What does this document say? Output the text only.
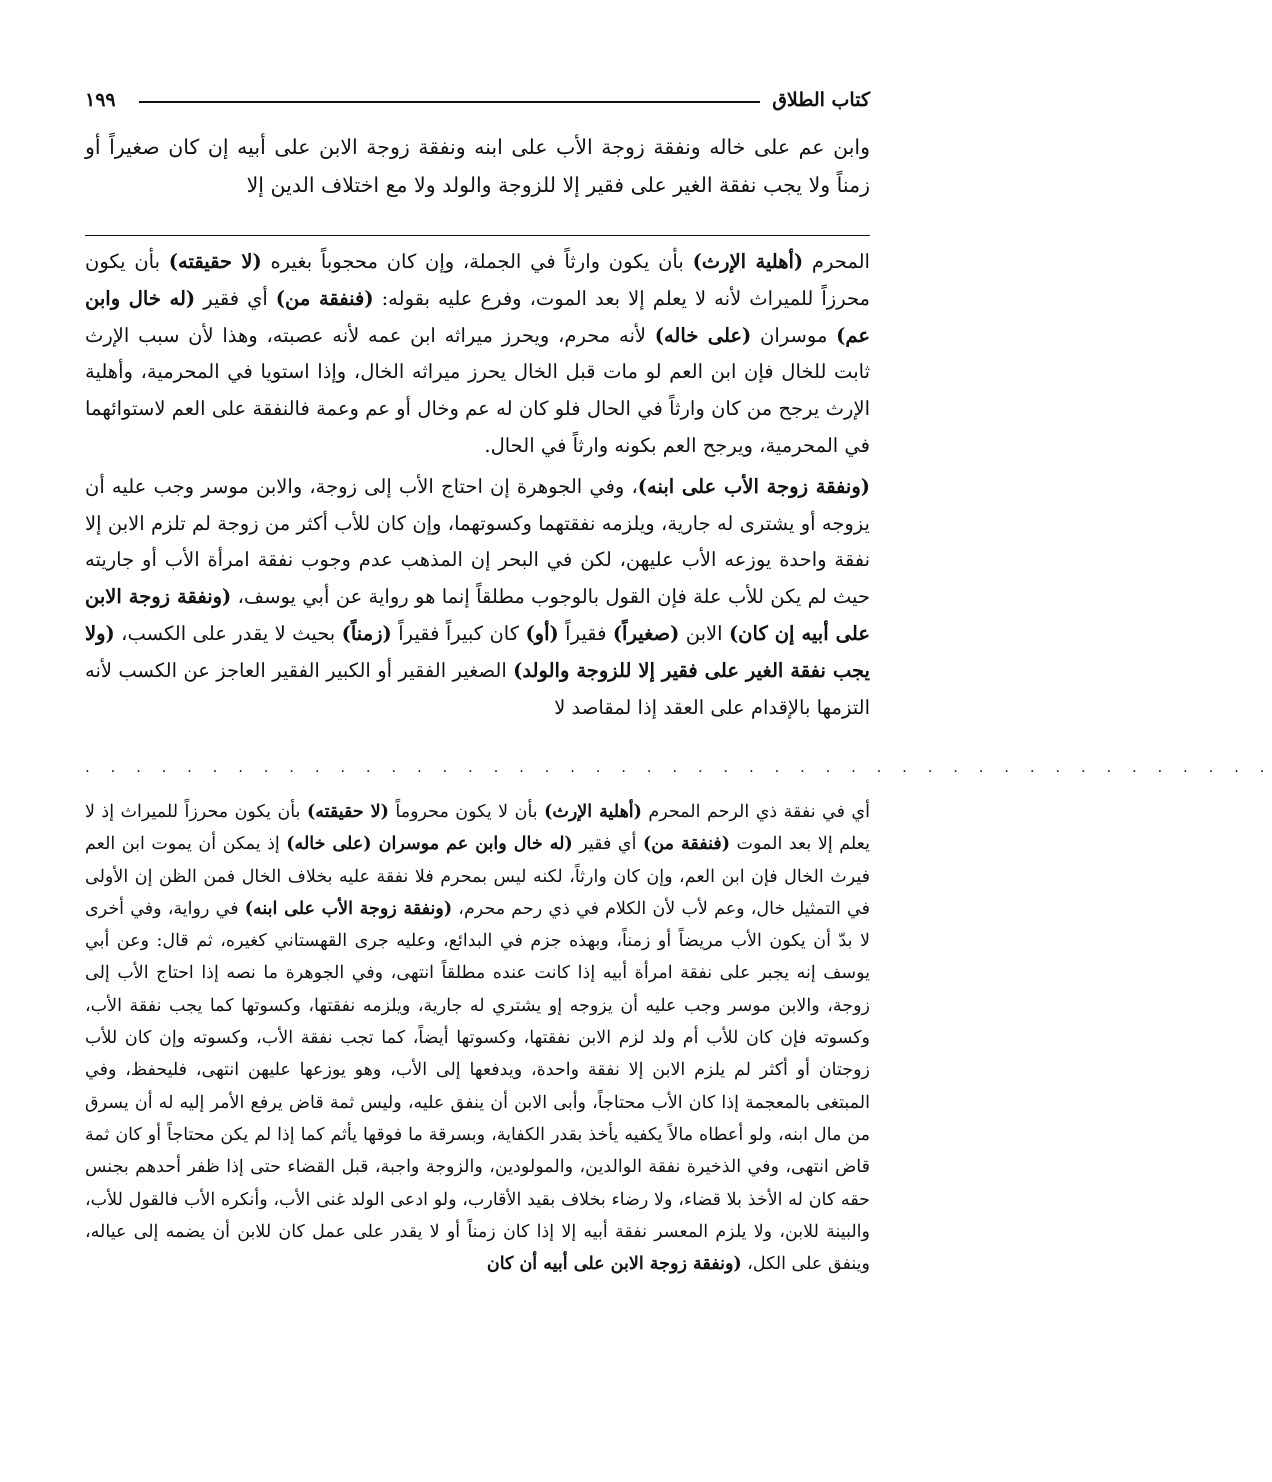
كتاب الطلاق
١٩٩

وابن عم على خاله ونفقة زوجة الأب على ابنه ونفقة زوجة الابن على أبيه إن كان صغيراً أو زمناً ولا يجب نفقة الغير على فقير إلا للزوجة والولد ولا مع اختلاف الدين إلا

المحرم (أهلية الإرث) بأن يكون وارثاً في الجملة، وإن كان محجوباً بغيره (لا حقيقته) بأن يكون محرزاً للميراث لأنه لا يعلم إلا بعد الموت، وفرع عليه بقوله: (فنفقة من) أي فقير (له خال وابن عم) موسران (على خاله) لأنه محرم، ويحرز ميراثه ابن عمه لأنه عصبته، وهذا لأن سبب الإرث ثابت للخال فإن ابن العم لو مات قبل الخال يحرز ميراثه الخال، وإذا استويا في المحرمية، وأهلية الإرث يرجح من كان وارثاً في الحال فلو كان له عم وخال أو عم وعمة فالنفقة على العم لاستوائهما في المحرمية، ويرجح العم بكونه وارثاً في الحال.

(ونفقة زوجة الأب على ابنه)، وفي الجوهرة إن احتاج الأب إلى زوجة، والابن موسر وجب عليه أن يزوجه أو يشترى له جارية، ويلزمه نفقتهما وكسوتهما، وإن كان للأب أكثر من زوجة لم تلزم الابن إلا نفقة واحدة يوزعه الأب عليهن، لكن في البحر إن المذهب عدم وجوب نفقة امرأة الأب أو جاريته حيث لم يكن للأب علة فإن القول بالوجوب مطلقاً إنما هو رواية عن أبي يوسف، (ونفقة زوجة الابن على أبيه إن كان) الابن (صغيراً) فقيراً (أو) كان كبيراً فقيراً (زمناً) بحيث لا يقدر على الكسب، (ولا يجب نفقة الغير على فقير إلا للزوجة والولد) الصغير الفقير أو الكبير الفقير العاجز عن الكسب لأنه التزمها بالإقدام على العقد إذا لمقاصد لا

. . . . . . . . . . . . . . . . . . . . . . . . . . . . . . . . . . . . . . . . . . . . . . .

أي في نفقة ذي الرحم المحرم (أهلية الإرث) بأن لا يكون محروماً (لا حقيقته) بأن يكون محرزاً للميراث إذ لا يعلم إلا بعد الموت (فنفقة من) أي فقير (له خال وابن عم موسران (على خاله) إذ يمكن أن يموت ابن العم فيرث الخال فإن ابن العم، وإن كان وارثاً، لكنه ليس بمحرم فلا نفقة عليه بخلاف الخال فمن الظن إن الأولى في التمثيل خال، وعم لأب لأن الكلام في ذي رحم محرم، (ونفقة زوجة الأب على ابنه) في رواية، وفي أخرى لا بدّ أن يكون الأب مريضاً أو زمناً، وبهذه جزم في البدائع، وعليه جرى القهستاني كغيره، ثم قال: وعن أبي يوسف إنه يجبر على نفقة امرأة أبيه إذا كانت عنده مطلقاً انتهى، وفي الجوهرة ما نصه إذا احتاج الأب إلى زوجة، والابن موسر وجب عليه أن يزوجه إو يشتري له جارية، ويلزمه نفقتها، وكسوتها كما يجب نفقة الأب، وكسوته فإن كان للأب أم ولد لزم الابن نفقتها، وكسوتها أيضاً، كما تجب نفقة الأب، وكسوته وإن كان للأب زوجتان أو أكثر لم يلزم الابن إلا نفقة واحدة، ويدفعها إلى الأب، وهو يوزعها عليهن انتهى، فليحفظ، وفي المبتغى بالمعجمة إذا كان الأب محتاجاً، وأبى الابن أن ينفق عليه، وليس ثمة قاض يرفع الأمر إليه له أن يسرق من مال ابنه، ولو أعطاه مالاً يكفيه يأخذ بقدر الكفاية، وبسرقة ما فوقها يأثم كما إذا لم يكن محتاجاً أو كان ثمة قاض انتهى، وفي الذخيرة نفقة الوالدين، والمولودين، والزوجة واجبة، قبل القضاء حتى إذا ظفر أحدهم بجنس حقه كان له الأخذ بلا قضاء، ولا رضاء بخلاف بقيد الأقارب، ولو ادعى الولد غنى الأب، وأنكره الأب فالقول للأب، والبينة للابن، ولا يلزم المعسر نفقة أبيه إلا إذا كان زمناً أو لا يقدر على عمل كان للابن أن يضمه إلى عياله، وينفق على الكل، (ونفقة زوجة الابن على أبيه أن كان
